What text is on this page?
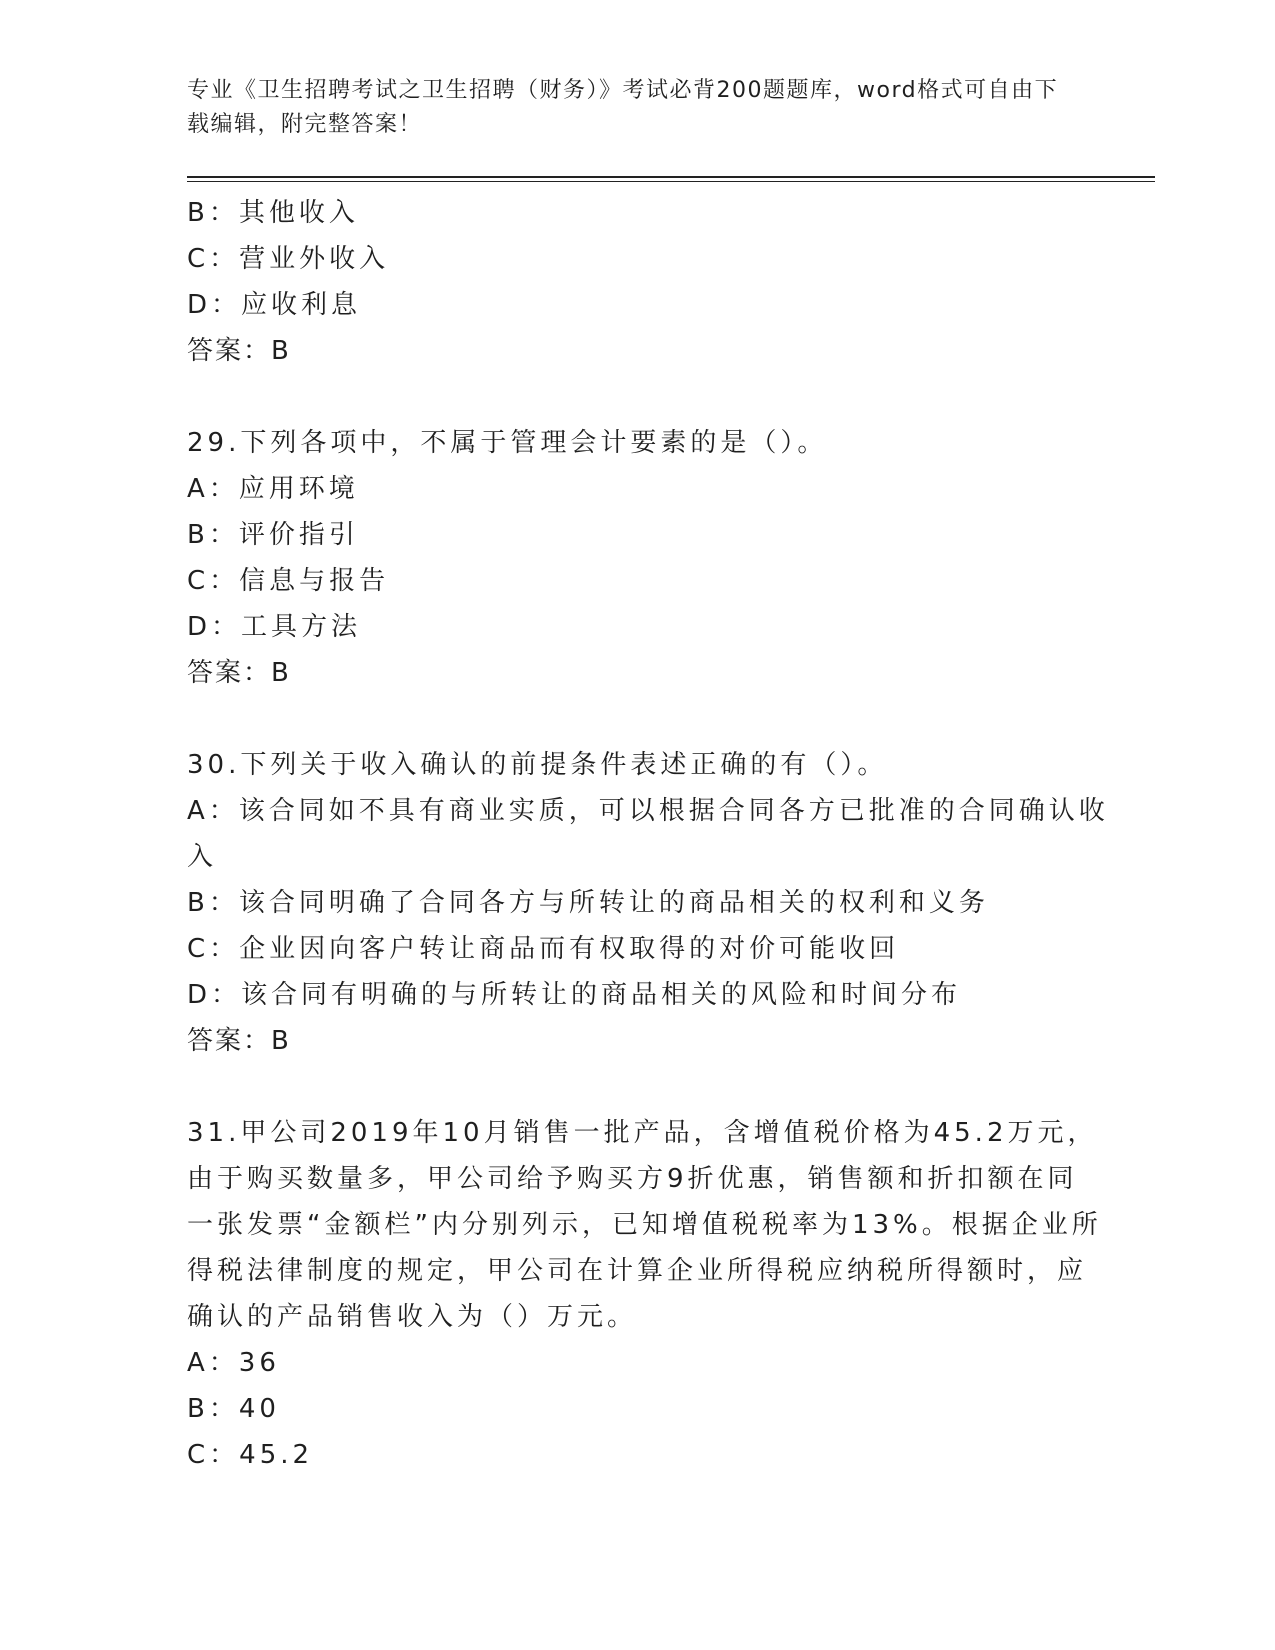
专业《卫生招聘考试之卫生招聘（财务）》考试必背200题题库，word格式可自由下载编辑，附完整答案！
B：其他收入
C：营业外收入
D：应收利息
答案：B
29.下列各项中，不属于管理会计要素的是（）。
A：应用环境
B：评价指引
C：信息与报告
D：工具方法
答案：B
30.下列关于收入确认的前提条件表述正确的有（）。
A：该合同如不具有商业实质，可以根据合同各方已批准的合同确认收
入
B：该合同明确了合同各方与所转让的商品相关的权利和义务
C：企业因向客户转让商品而有权取得的对价可能收回
D：该合同有明确的与所转让的商品相关的风险和时间分布
答案：B
31.甲公司2019年10月销售一批产品，含增值税价格为45.2万元，
由于购买数量多，甲公司给予购买方9折优惠，销售额和折扣额在同
一张发票“金额栏”内分别列示，已知增值税税率为13%。根据企业所
得税法律制度的规定，甲公司在计算企业所得税应纳税所得额时，应
确认的产品销售收入为（）万元。
A：36
B：40
C：45.2
